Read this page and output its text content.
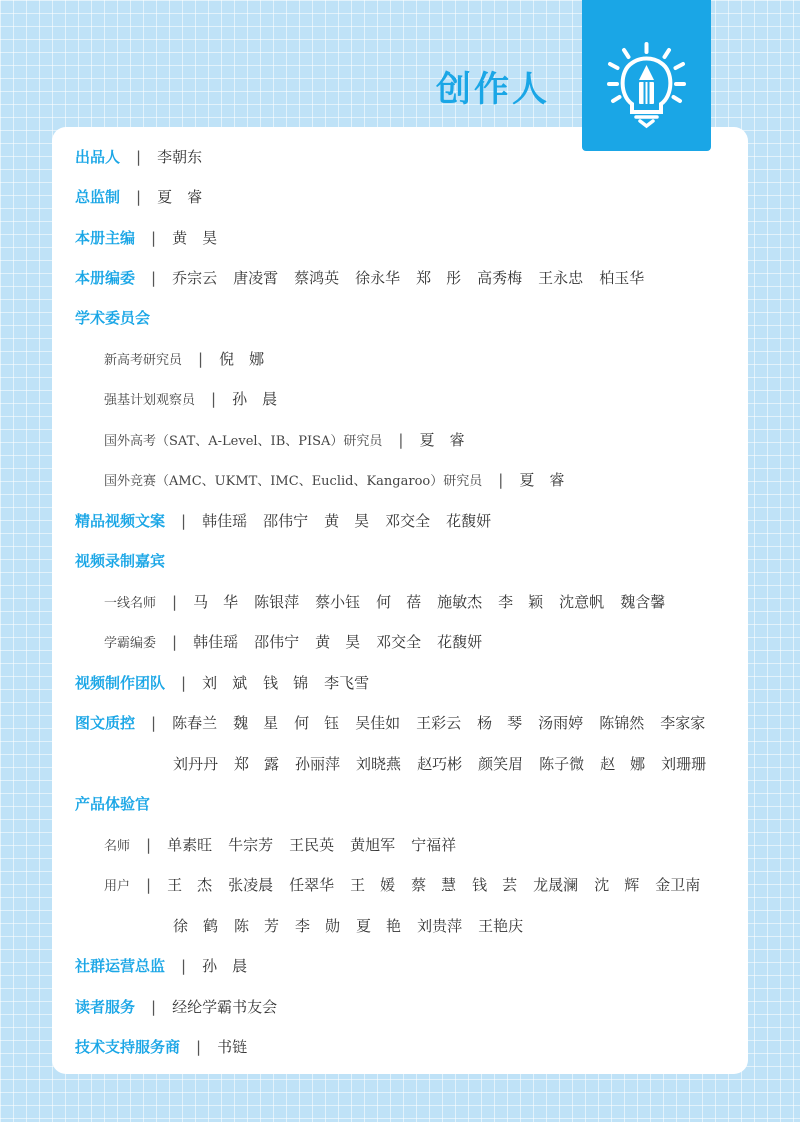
创作人
出品人 | 李朝东
总监制 | 夏　睿
本册主编 | 黄　昊
本册编委 | 乔宗云 唐凌霄 蔡鸿英 徐永华 郑　彤 高秀梅 王永忠 柏玉华
学术委员会
新高考研究员 | 倪　娜
强基计划观察员 | 孙　晨
国外高考（SAT、A-Level、IB、PISA）研究员 | 夏　睿
国外竞赛（AMC、UKMT、IMC、Euclid、Kangaroo）研究员 | 夏　睿
精品视频文案 | 韩佳瑶 邵伟宁 黄　昊 邓交全 花馥妍
视频录制嘉宾
一线名师 | 马　华 陈银萍 蔡小钰 何　蓓 施敏杰 李　颖 沈意帆 魏含馨
学霸编委 | 韩佳瑶 邵伟宁 黄　昊 邓交全 花馥妍
视频制作团队 | 刘　斌 钱　锦 李飞雪
图文质控 | 陈春兰 魏　星 何　钰 吴佳如 王彩云 杨　琴 汤雨婷 陈锦然 李家家
刘丹丹 郑　露 孙丽萍 刘晓燕 赵巧彬 颜笑眉 陈子微 赵　娜 刘珊珊
产品体验官
名师 | 单素旺 牛宗芳 王民英 黄旭军 宁福祥
用户 | 王　杰 张凌晨 任翠华 王　媛 蔡　慧 钱　芸 龙晟澜 沈　辉 金卫南
徐　鹤 陈　芳 李　勋 夏　艳 刘贵萍 王艳庆
社群运营总监 | 孙　晨
读者服务 | 经纶学霸书友会
技术支持服务商 | 书链
